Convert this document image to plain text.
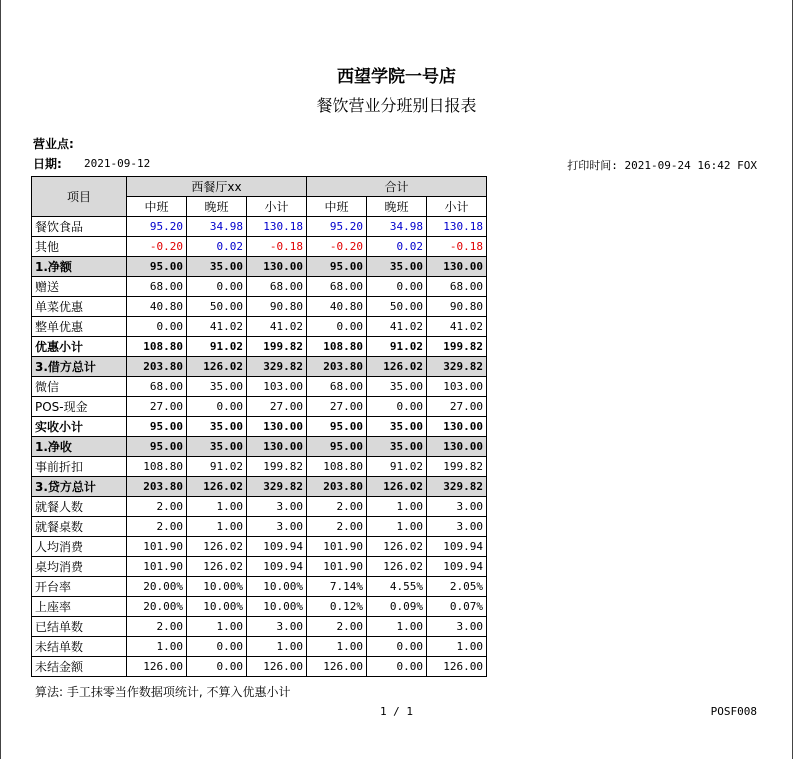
西望学院一号店
餐饮营业分班别日报表
营业点:
日期: 2021-09-12	打印时间: 2021-09-24 16:42 FOX
项目	西餐厅xx			合计		
	中班	晚班	小计	中班	晚班	小计
餐饮食品	95.20	34.98	130.18	95.20	34.98	130.18
其他	-0.20	0.02	-0.18	-0.20	0.02	-0.18
1.净额	95.00	35.00	130.00	95.00	35.00	130.00
赠送	68.00	0.00	68.00	68.00	0.00	68.00
单菜优惠	40.80	50.00	90.80	40.80	50.00	90.80
整单优惠	0.00	41.02	41.02	0.00	41.02	41.02
优惠小计	108.80	91.02	199.82	108.80	91.02	199.82
3.借方总计	203.80	126.02	329.82	203.80	126.02	329.82
微信	68.00	35.00	103.00	68.00	35.00	103.00
POS-现金	27.00	0.00	27.00	27.00	0.00	27.00
实收小计	95.00	35.00	130.00	95.00	35.00	130.00
1.净收	95.00	35.00	130.00	95.00	35.00	130.00
事前折扣	108.80	91.02	199.82	108.80	91.02	199.82
3.贷方总计	203.80	126.02	329.82	203.80	126.02	329.82
就餐人数	2.00	1.00	3.00	2.00	1.00	3.00
就餐桌数	2.00	1.00	3.00	2.00	1.00	3.00
人均消费	101.90	126.02	109.94	101.90	126.02	109.94
桌均消费	101.90	126.02	109.94	101.90	126.02	109.94
开台率	20.00%	10.00%	10.00%	7.14%	4.55%	2.05%
上座率	20.00%	10.00%	10.00%	0.12%	0.09%	0.07%
已结单数	2.00	1.00	3.00	2.00	1.00	3.00
未结单数	1.00	0.00	1.00	1.00	0.00	1.00
未结金额	126.00	0.00	126.00	126.00	0.00	126.00
算法: 手工抹零当作数据项统计, 不算入优惠小计
1 / 1	POSF008
